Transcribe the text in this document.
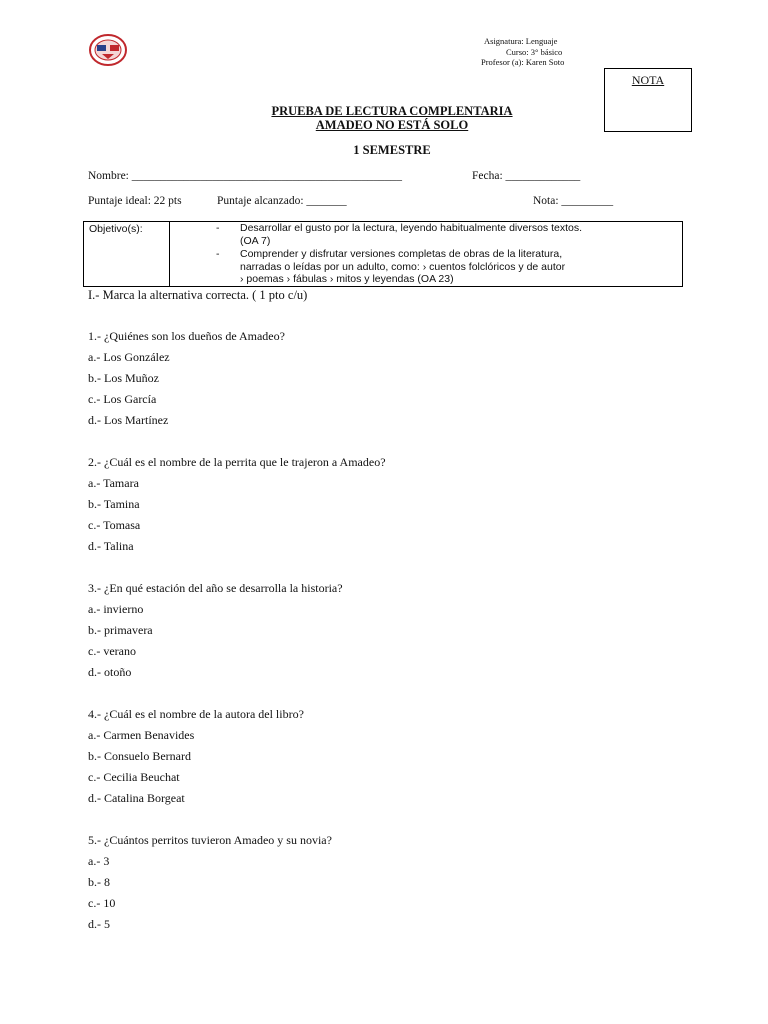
Asignatura: Lenguaje
Curso: 3° básico
Profesor (a): Karen Soto
NOTA
PRUEBA DE LECTURA COMPLENTARIA
AMADEO NO ESTÁ SOLO
1 SEMESTRE
Nombre: _______________________________________________	Fecha: _____________
Puntaje ideal: 22 pts	Puntaje alcanzado: _______	Nota: _________
Objetivo(s):	- Desarrollar el gusto por la lectura, leyendo habitualmente diversos textos.
(OA 7)
- Comprender y disfrutar versiones completas de obras de la literatura,
narradas o leídas por un adulto, como: › cuentos folclóricos y de autor
› poemas › fábulas › mitos y leyendas (OA 23)
I.- Marca la alternativa correcta. ( 1 pto c/u)
1.- ¿Quiénes son los dueños de Amadeo?
a.- Los González
b.- Los Muñoz
c.- Los García
d.- Los Martínez
2.- ¿Cuál es el nombre de la perrita que le trajeron a Amadeo?
a.- Tamara
b.- Tamina
c.- Tomasa
d.- Talina
3.- ¿En qué estación del año se desarrolla la historia?
a.- invierno
b.- primavera
c.- verano
d.- otoño
4.- ¿Cuál es el nombre de la autora del libro?
a.- Carmen Benavides
b.- Consuelo Bernard
c.- Cecilia Beuchat
d.- Catalina Borgeat
5.- ¿Cuántos perritos tuvieron Amadeo y su novia?
a.- 3
b.- 8
c.- 10
d.- 5
